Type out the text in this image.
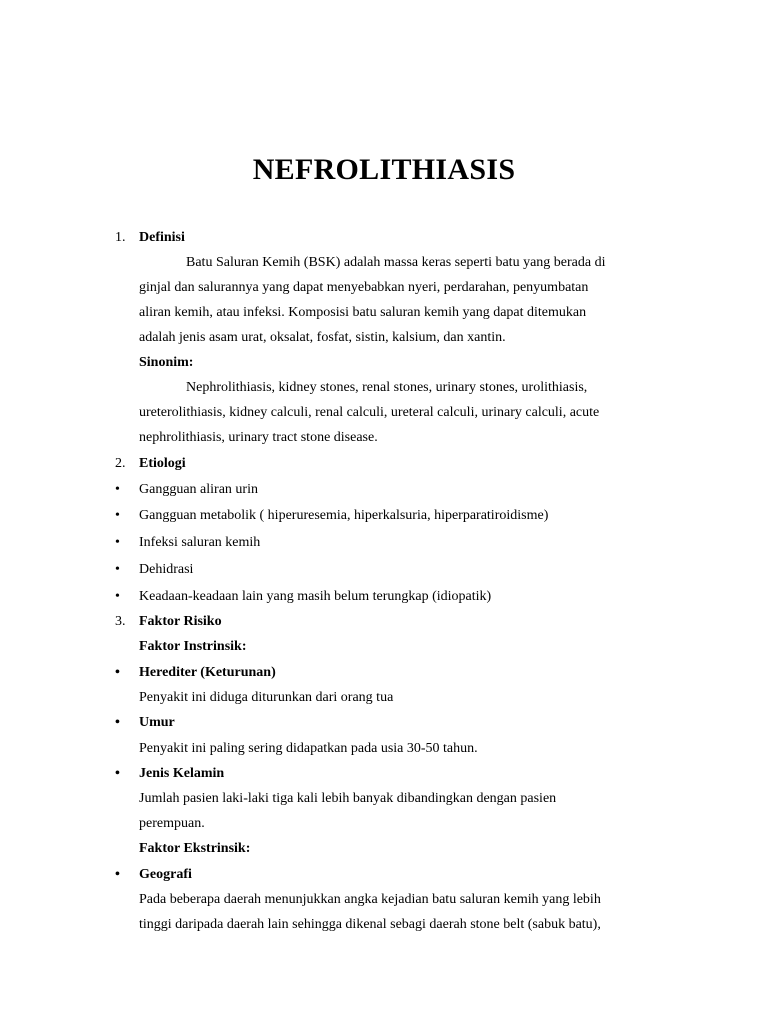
NEFROLITHIASIS
1. Definisi
Batu Saluran Kemih (BSK) adalah massa keras seperti batu yang berada di
ginjal dan salurannya yang dapat menyebabkan nyeri, perdarahan, penyumbatan
aliran kemih, atau infeksi. Komposisi batu saluran kemih yang dapat ditemukan
adalah jenis asam urat, oksalat, fosfat, sistin, kalsium, dan xantin.
Sinonim:
Nephrolithiasis, kidney stones, renal stones, urinary stones, urolithiasis,
ureterolithiasis, kidney calculi, renal calculi, ureteral calculi, urinary calculi, acute
nephrolithiasis, urinary tract stone disease.
2. Etiologi
• Gangguan aliran urin
• Gangguan metabolik ( hiperuresemia, hiperkalsuria, hiperparatiroidisme)
• Infeksi saluran kemih
• Dehidrasi
• Keadaan-keadaan lain yang masih belum terungkap (idiopatik)
3. Faktor Risiko
Faktor Instrinsik:
• Herediter (Keturunan)
Penyakit ini diduga diturunkan dari orang tua
• Umur
Penyakit ini paling sering didapatkan pada usia 30-50 tahun.
• Jenis Kelamin
Jumlah pasien laki-laki tiga kali lebih banyak dibandingkan dengan pasien
perempuan.
Faktor Ekstrinsik:
• Geografi
Pada beberapa daerah menunjukkan angka kejadian batu saluran kemih yang lebih
tinggi daripada daerah lain sehingga dikenal sebagi daerah stone belt (sabuk batu),
